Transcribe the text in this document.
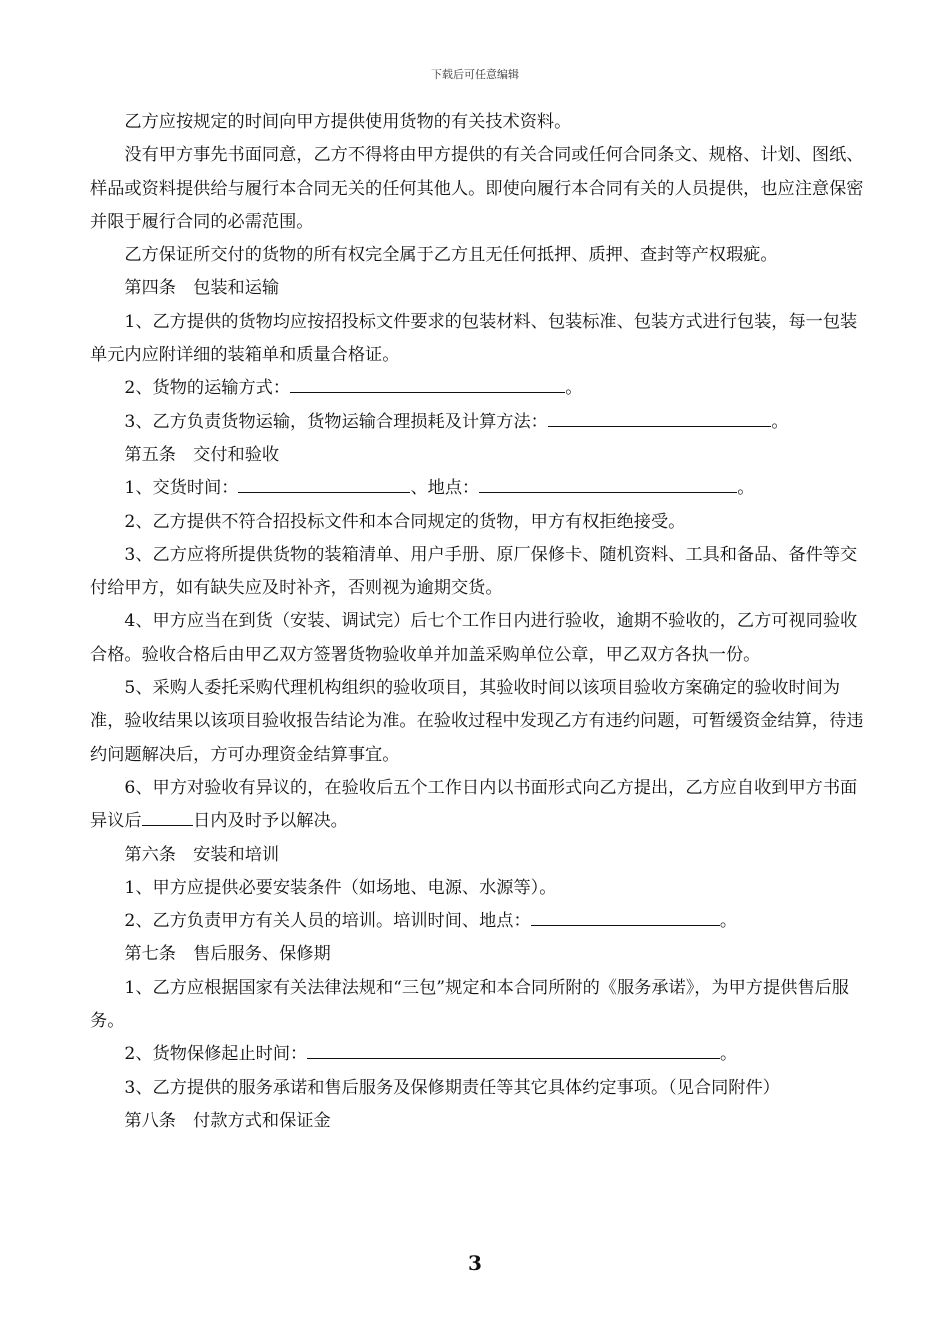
下载后可任意编辑

乙方应按规定的时间向甲方提供使用货物的有关技术资料。

没有甲方事先书面同意，乙方不得将由甲方提供的有关合同或任何合同条文、规格、计划、图纸、样品或资料提供给与履行本合同无关的任何其他人。即使向履行本合同有关的人员提供，也应注意保密并限于履行合同的必需范围。

乙方保证所交付的货物的所有权完全属于乙方且无任何抵押、质押、查封等产权瑕疵。

第四条　包装和运输

1、乙方提供的货物均应按招投标文件要求的包装材料、包装标准、包装方式进行包装，每一包装单元内应附详细的装箱单和质量合格证。

2、货物的运输方式：	。

3、乙方负责货物运输，货物运输合理损耗及计算方法：	。

第五条　交付和验收

1、交货时间：	、地点：	。

2、乙方提供不符合招投标文件和本合同规定的货物，甲方有权拒绝接受。

3、乙方应将所提供货物的装箱清单、用户手册、原厂保修卡、随机资料、工具和备品、备件等交付给甲方，如有缺失应及时补齐，否则视为逾期交货。

4、甲方应当在到货（安装、调试完）后七个工作日内进行验收，逾期不验收的，乙方可视同验收合格。验收合格后由甲乙双方签署货物验收单并加盖采购单位公章，甲乙双方各执一份。

5、采购人委托采购代理机构组织的验收项目，其验收时间以该项目验收方案确定的验收时间为准，验收结果以该项目验收报告结论为准。在验收过程中发现乙方有违约问题，可暂缓资金结算，待违约问题解决后，方可办理资金结算事宜。

6、甲方对验收有异议的，在验收后五个工作日内以书面形式向乙方提出，乙方应自收到甲方书面异议后	日内及时予以解决。

第六条　安装和培训

1、甲方应提供必要安装条件（如场地、电源、水源等）。

2、乙方负责甲方有关人员的培训。培训时间、地点：	。

第七条　售后服务、保修期

1、乙方应根据国家有关法律法规和“三包”规定和本合同所附的《服务承诺》，为甲方提供售后服务。

2、货物保修起止时间：	。

3、乙方提供的服务承诺和售后服务及保修期责任等其它具体约定事项。（见合同附件）

第八条　付款方式和保证金

3
